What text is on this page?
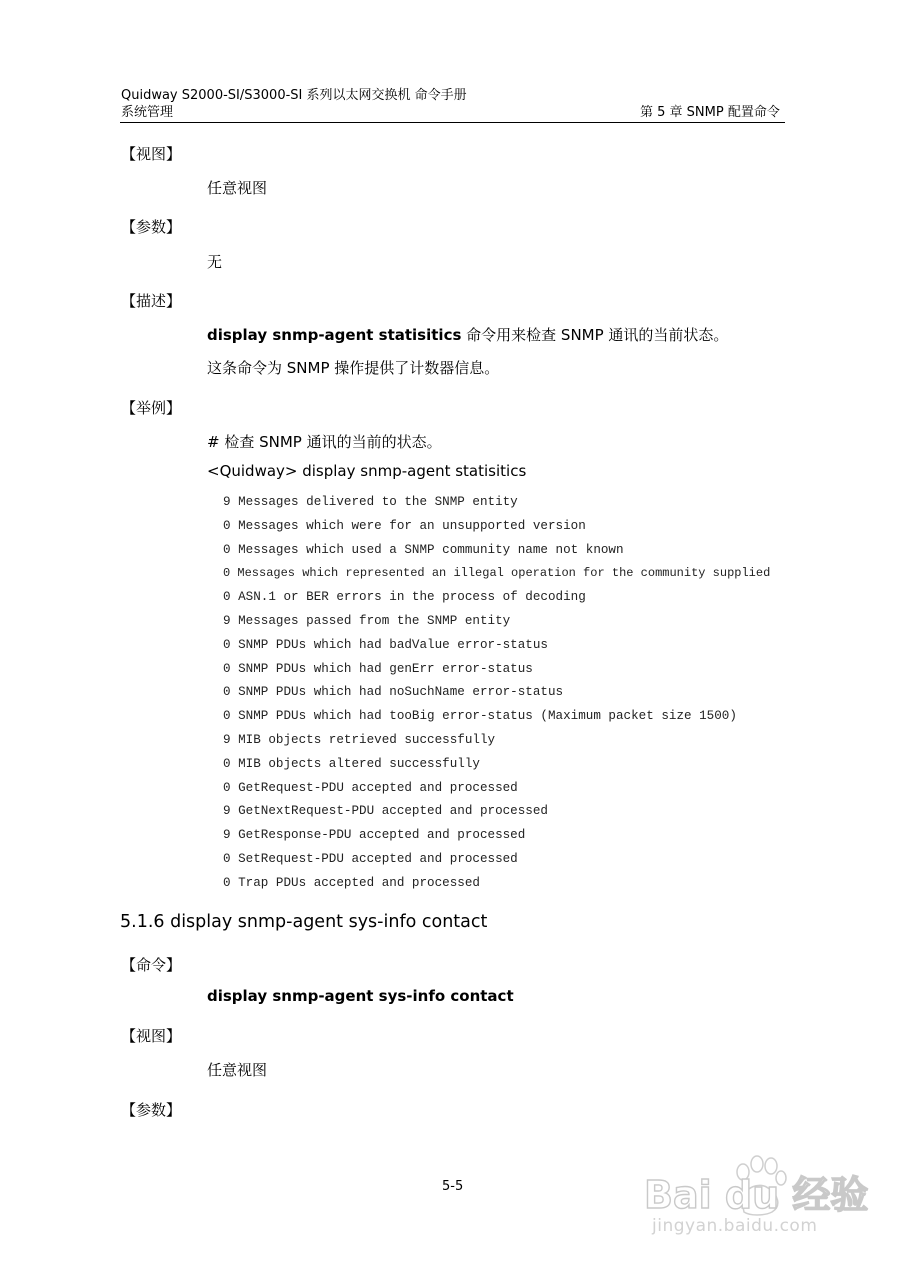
Quidway S2000-SI/S3000-SI 系列以太网交换机 命令手册
系统管理	第 5 章 SNMP 配置命令
【视图】
任意视图
【参数】
无
【描述】
display snmp-agent statisitics 命令用来检查 SNMP 通讯的当前状态。
这条命令为 SNMP 操作提供了计数器信息。
【举例】
# 检查 SNMP 通讯的当前的状态。
<Quidway> display snmp-agent statisitics
9 Messages delivered to the SNMP entity
0 Messages which were for an unsupported version
0 Messages which used a SNMP community name not known
0 Messages which represented an illegal operation for the community supplied
0 ASN.1 or BER errors in the process of decoding
9 Messages passed from the SNMP entity
0 SNMP PDUs which had badValue error-status
0 SNMP PDUs which had genErr error-status
0 SNMP PDUs which had noSuchName error-status
0 SNMP PDUs which had tooBig error-status (Maximum packet size 1500)
9 MIB objects retrieved successfully
0 MIB objects altered successfully
0 GetRequest-PDU accepted and processed
9 GetNextRequest-PDU accepted and processed
9 GetResponse-PDU accepted and processed
0 SetRequest-PDU accepted and processed
0 Trap PDUs accepted and processed
5.1.6 display snmp-agent sys-info contact
【命令】
display snmp-agent sys-info contact
【视图】
任意视图
【参数】
5-5	Bai du 经验
jingyan.baidu.com
